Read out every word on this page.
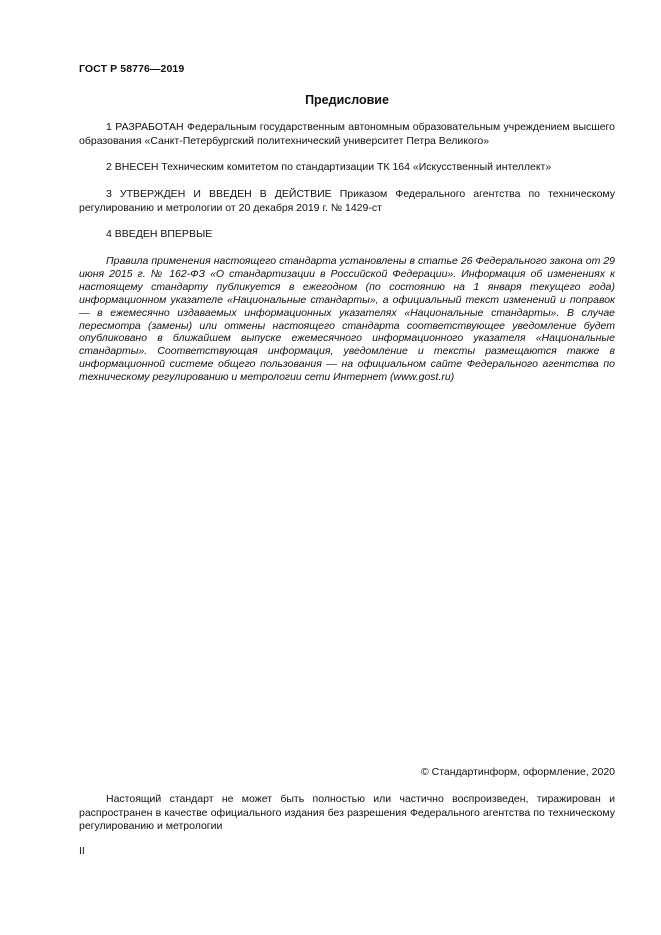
ГОСТ Р 58776—2019
Предисловие

1 РАЗРАБОТАН Федеральным государственным автономным образовательным учреждением высшего образования «Санкт-Петербургский политехнический университет Петра Великого»

2 ВНЕСЕН Техническим комитетом по стандартизации ТК 164 «Искусственный интеллект»

3 УТВЕРЖДЕН И ВВЕДЕН В ДЕЙСТВИЕ Приказом Федерального агентства по техническому регулированию и метрологии от 20 декабря 2019 г. № 1429-ст

4 ВВЕДЕН ВПЕРВЫЕ

Правила применения настоящего стандарта установлены в статье 26 Федерального закона от 29 июня 2015 г. № 162-ФЗ «О стандартизации в Российской Федерации». Информация об изменениях к настоящему стандарту публикуется в ежегодном (по состоянию на 1 января текущего года) информационном указателе «Национальные стандарты», а официальный текст изменений и поправок — в ежемесячно издаваемых информационных указателях «Национальные стандарты». В случае пересмотра (замены) или отмены настоящего стандарта соответствующее уведомление будет опубликовано в ближайшем выпуске ежемесячного информационного указателя «Национальные стандарты». Соответствующая информация, уведомление и тексты размещаются также в информационной системе общего пользования — на официальном сайте Федерального агентства по техническому регулированию и метрологии сети Интернет (www.gost.ru)

© Стандартинформ, оформление, 2020

Настоящий стандарт не может быть полностью или частично воспроизведен, тиражирован и распространен в качестве официального издания без разрешения Федерального агентства по техническому регулированию и метрологии

II
